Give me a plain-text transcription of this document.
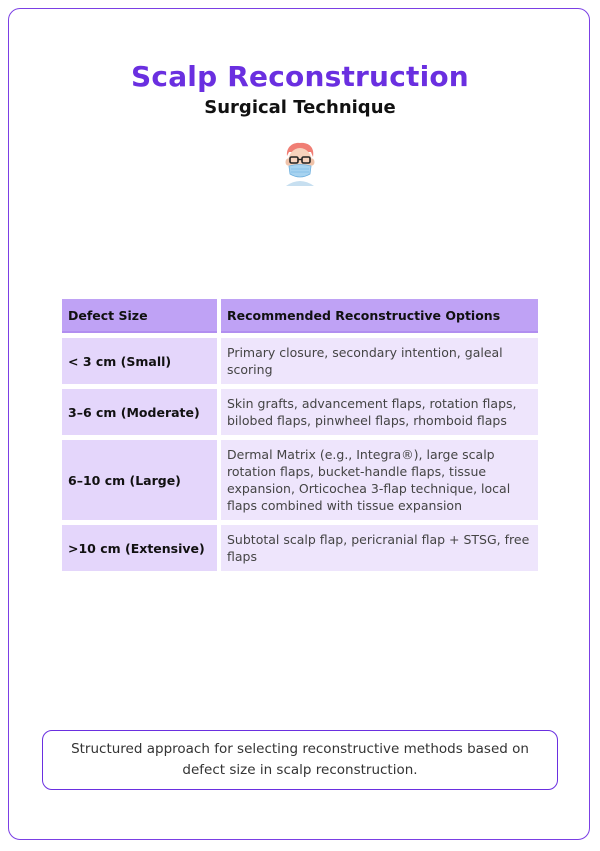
Scalp Reconstruction
Surgical Technique
Defect Size	Recommended Reconstructive Options
< 3 cm (Small)	Primary closure, secondary intention, galeal scoring
3–6 cm (Moderate)	Skin grafts, advancement flaps, rotation flaps, bilobed flaps, pinwheel flaps, rhomboid flaps
6–10 cm (Large)	Dermal Matrix (e.g., Integra®), large scalp rotation flaps, bucket-handle flaps, tissue expansion, Orticochea 3-flap technique, local flaps combined with tissue expansion
>10 cm (Extensive)	Subtotal scalp flap, pericranial flap + STSG, free flaps
Structured approach for selecting reconstructive methods based on defect size in scalp reconstruction.
